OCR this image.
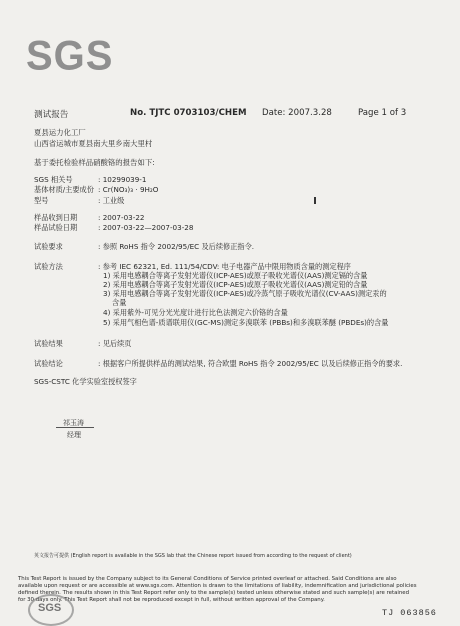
SGS
测试报告	No. TJTC 0703103/CHEM Date: 2007.3.28	Page 1 of 3
夏县运力化工厂
山西省运城市夏县南大里乡南大里村
基于委托检验样品硝酸铬的报告如下:
SGS 相关号	: 10299039-1
基体材质/主要成份 : Cr(NO₃)₃ · 9H₂O
型号	: 工业级
样品收到日期	: 2007-03-22
样品试验日期	: 2007-03-22—2007-03-28
试验要求	: 参照 RoHS 指令 2002/95/EC 及后续修正指令.
试验方法	: 参考 IEC 62321, Ed. 111/54/CDV: 电子电器产品中限用物质含量的测定程序
1) 采用电感耦合等离子发射光谱仪(ICP-AES)或原子吸收光谱仪(AAS)测定镉的含量
2) 采用电感耦合等离子发射光谱仪(ICP-AES)或原子吸收光谱仪(AAS)测定铅的含量
3) 采用电感耦合等离子发射光谱仪(ICP-AES)或冷蒸气原子吸收光谱仪(CV-AAS)测定汞的
含量
4) 采用紫外-可见分光光度计进行比色法测定六价铬的含量
5) 采用气相色谱-质谱联用仪(GC-MS)测定多溴联苯 (PBBs)和多溴联苯醚 (PBDEs)的含量
试验结果	: 见后续页
试验结论	: 根据客户所提供样品的测试结果, 符合欧盟 RoHS 指令 2002/95/EC 以及后续修正指令的要求.
SGS-CSTC 化学实验室授权签字
祁玉涛
经理
英文报告可提供 (English report is available in the SGS lab that the Chinese report issued from according to the request of client)
This Test Report is issued by the Company subject to its General Conditions of Service printed overleaf or attached. Said Conditions are also
available upon request or are accessible at www.sgs.com. Attention is drawn to the limitations of liability, indemnification and jurisdictional policies
defined therein. The results shown in this Test Report refer only to the sample(s) tested unless otherwise stated and such sample(s) are retained
for 30 days only. This Test Report shall not be reproduced except in full, without written approval of the Company.
SGS	TJ 063856
